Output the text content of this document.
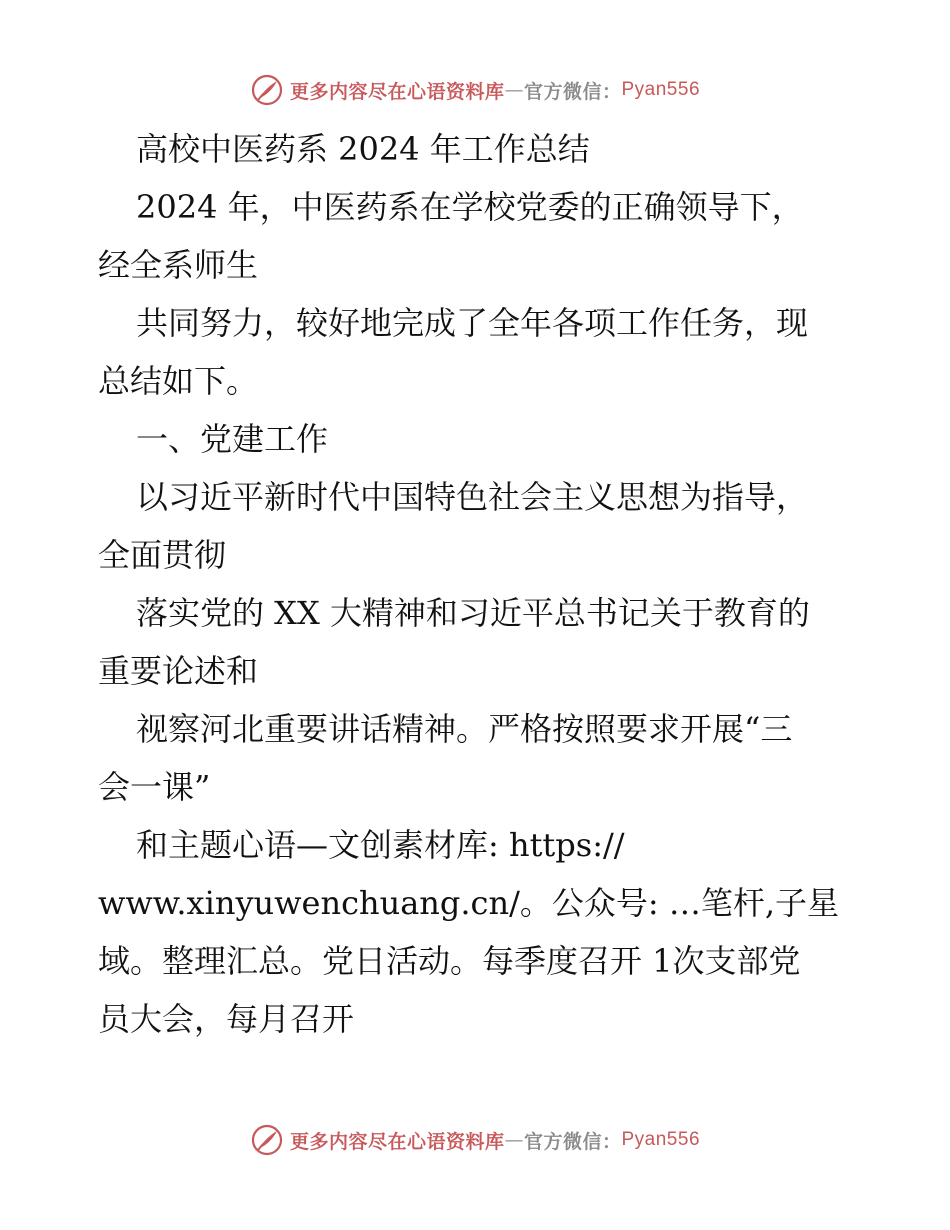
更多内容尽在心语资料库 — 官方微信： Pyan556
高校中医药系 2024 年工作总结
2024 年，中医药系在学校党委的正确领导下，
经全系师生
共同努力，较好地完成了全年各项工作任务，现
总结如下。
一、党建工作
以习近平新时代中国特色社会主义思想为指导，
全面贯彻
落实党的 XX 大精神和习近平总书记关于教育的
重要论述和
视察河北重要讲话精神。严格按照要求开展“三
会一课”
和主题心语—文创素材库: https://
www.xinyuwenchuang.cn/。公众号: …笔杆,子星
域。整理汇总。党日活动。每季度召开 1次支部党
员大会，每月召开
更多内容尽在心语资料库 — 官方微信： Pyan556
